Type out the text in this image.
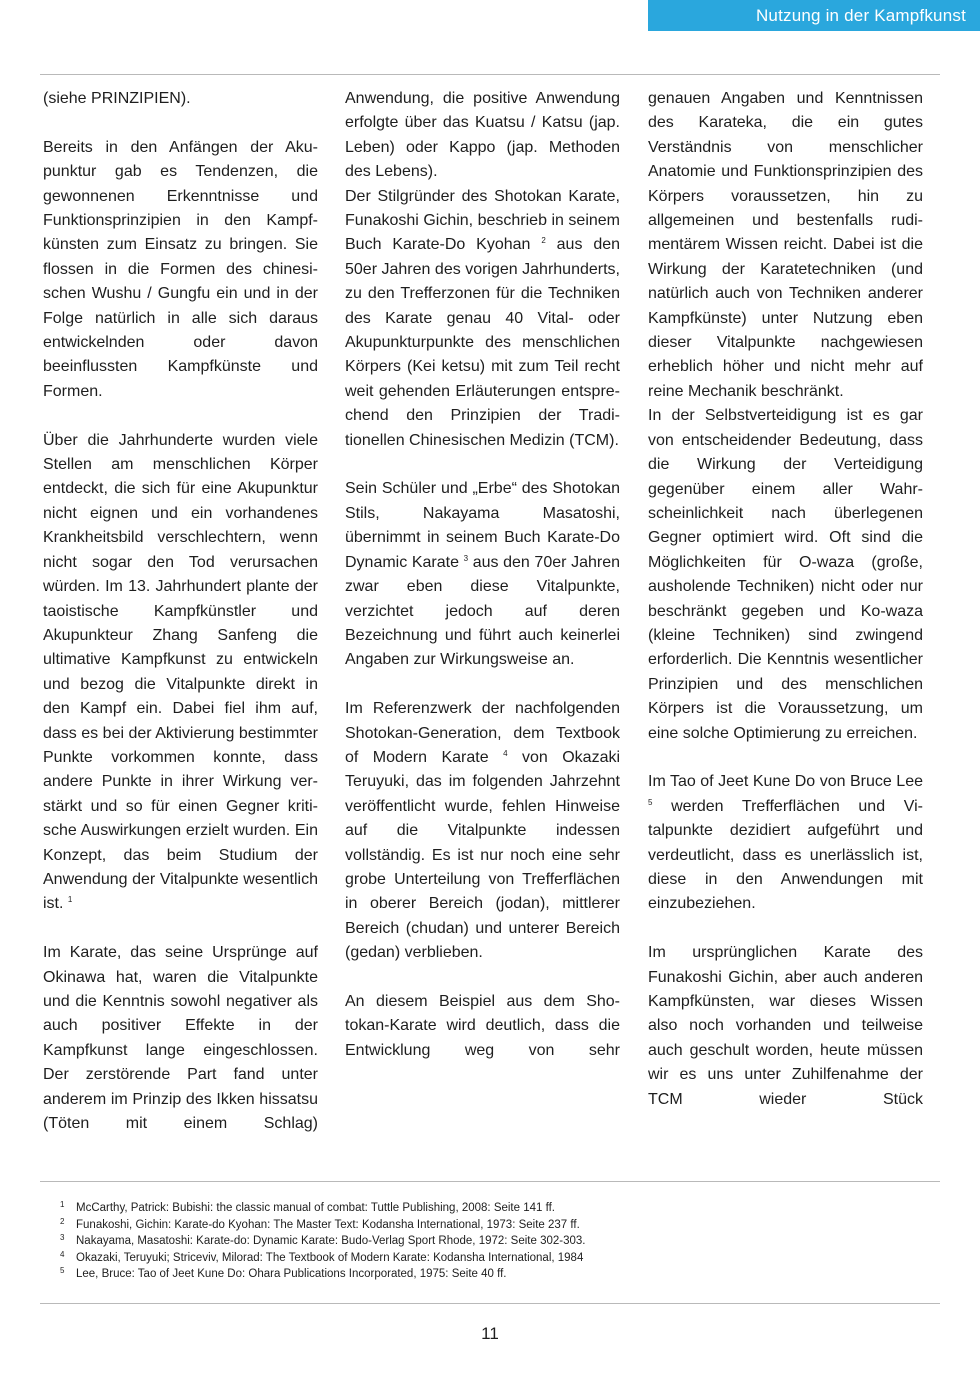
Nutzung in der Kampfkunst

(siehe PRINZIPIEN).

Bereits in den Anfängen der Akupunktur gab es Tendenzen, die gewonnenen Erkenntnisse und Funktionsprinzipien in den Kampfkünsten zum Einsatz zu bringen. Sie flossen in die Formen des chinesischen Wushu / Gungfu ein und in der Folge natürlich in alle sich daraus entwickelnden oder davon beeinflussten Kampfkünste und Formen.

Über die Jahrhunderte wurden viele Stellen am menschlichen Körper entdeckt, die sich für eine Akupunktur nicht eignen und ein vorhandenes Krankheitsbild verschlechtern, wenn nicht sogar den Tod verursachen würden. Im 13. Jahrhundert plante der taoistische Kampfkünstler und Akupunkteur Zhang Sanfeng die ultimative Kampfkunst zu entwickeln und bezog die Vitalpunkte direkt in den Kampf ein. Dabei fiel ihm auf, dass es bei der Aktivierung bestimmter Punkte vorkommen konnte, dass andere Punkte in ihrer Wirkung verstärkt und so für einen Gegner kritische Auswirkungen erzielt wurden. Ein Konzept, das beim Studium der Anwendung der Vitalpunkte wesentlich ist. $^1$

Im Karate, das seine Ursprünge auf Okinawa hat, waren die Vitalpunkte und die Kenntnis sowohl negativer als auch positiver Effekte in der Kampfkunst lange eingeschlossen. Der zerstörende Part fand unter anderem im Prinzip des Ikken hissatsu (Töten mit einem Schlag)

Anwendung, die positive Anwendung erfolgte über das Kuatsu / Katsu (jap. Leben) oder Kappo (jap. Methoden des Lebens).

Der Stilgründer des Shotokan Karate, Funakoshi Gichin, beschrieb in seinem Buch Karate-Do Kyohan $^2$ aus den 50er Jahren des vorigen Jahrhunderts, zu den Trefferzonen für die Techniken des Karate genau 40 Vital- oder Akupunkturpunkte des menschlichen Körpers (Kei ketsu) mit zum Teil recht weit gehenden Erläuterungen entsprechend den Prinzipien der Traditionellen Chinesischen Medizin (TCM).

Sein Schüler und „Erbe“ des Shotokan Stils, Nakayama Masatoshi, übernimmt in seinem Buch Karate-Do Dynamic Karate $^3$ aus den 70er Jahren zwar eben diese Vitalpunkte, verzichtet jedoch auf deren Bezeichnung und führt auch keinerlei Angaben zur Wirkungsweise an.

Im Referenzwerk der nachfolgenden Shotokan-Generation, dem Textbook of Modern Karate $^4$ von Okazaki Teruyuki, das im folgenden Jahrzehnt veröffentlicht wurde, fehlen Hinweise auf die Vitalpunkte indessen vollständig. Es ist nur noch eine sehr grobe Unterteilung von Trefferflächen in oberer Bereich (jodan), mittlerer Bereich (chudan) und unterer Bereich (gedan) verblieben.

An diesem Beispiel aus dem Shotokan-Karate wird deutlich, dass die Entwicklung weg von sehr

genauen Angaben und Kenntnissen des Karateka, die ein gutes Verständnis von menschlicher Anatomie und Funktionsprinzipien des Körpers voraussetzen, hin zu allgemeinen und bestenfalls rudimentärem Wissen reicht. Dabei ist die Wirkung der Karatetechniken (und natürlich auch von Techniken anderer Kampfkünste) unter Nutzung eben dieser Vitalpunkte nachgewiesen erheblich höher und nicht mehr auf reine Mechanik beschränkt.

In der Selbstverteidigung ist es gar von entscheidender Bedeutung, dass die Wirkung der Verteidigung gegenüber einem aller Wahrscheinlichkeit nach überlegenen Gegner optimiert wird. Oft sind die Möglichkeiten für O-waza (große, ausholende Techniken) nicht oder nur beschränkt gegeben und Ko-waza (kleine Techniken) sind zwingend erforderlich. Die Kenntnis wesentlicher Prinzipien und des menschlichen Körpers ist die Voraussetzung, um eine solche Optimierung zu erreichen.

Im Tao of Jeet Kune Do von Bruce Lee $^5$ werden Trefferflächen und Vitalpunkte dezidiert aufgeführt und verdeutlicht, dass es unerlässlich ist, diese in den Anwendungen mit einzubeziehen.

Im ursprünglichen Karate des Funakoshi Gichin, aber auch anderen Kampfkünsten, war dieses Wissen also noch vorhanden und teilweise auch geschult worden, heute müssen wir es uns unter Zuhilfenahme der TCM wieder Stück

1	McCarthy, Patrick: Bubishi: the classic manual of combat: Tuttle Publishing, 2008: Seite 141 ff.
2	Funakoshi, Gichin: Karate-do Kyohan: The Master Text: Kodansha International, 1973: Seite 237 ff.
3	Nakayama, Masatoshi: Karate-do: Dynamic Karate: Budo-Verlag Sport Rhode, 1972: Seite 302-303.
4	Okazaki, Teruyuki; Striceviv, Milorad: The Textbook of Modern Karate: Kodansha International, 1984
5	Lee, Bruce: Tao of Jeet Kune Do: Ohara Publications Incorporated, 1975: Seite 40 ff.
11
